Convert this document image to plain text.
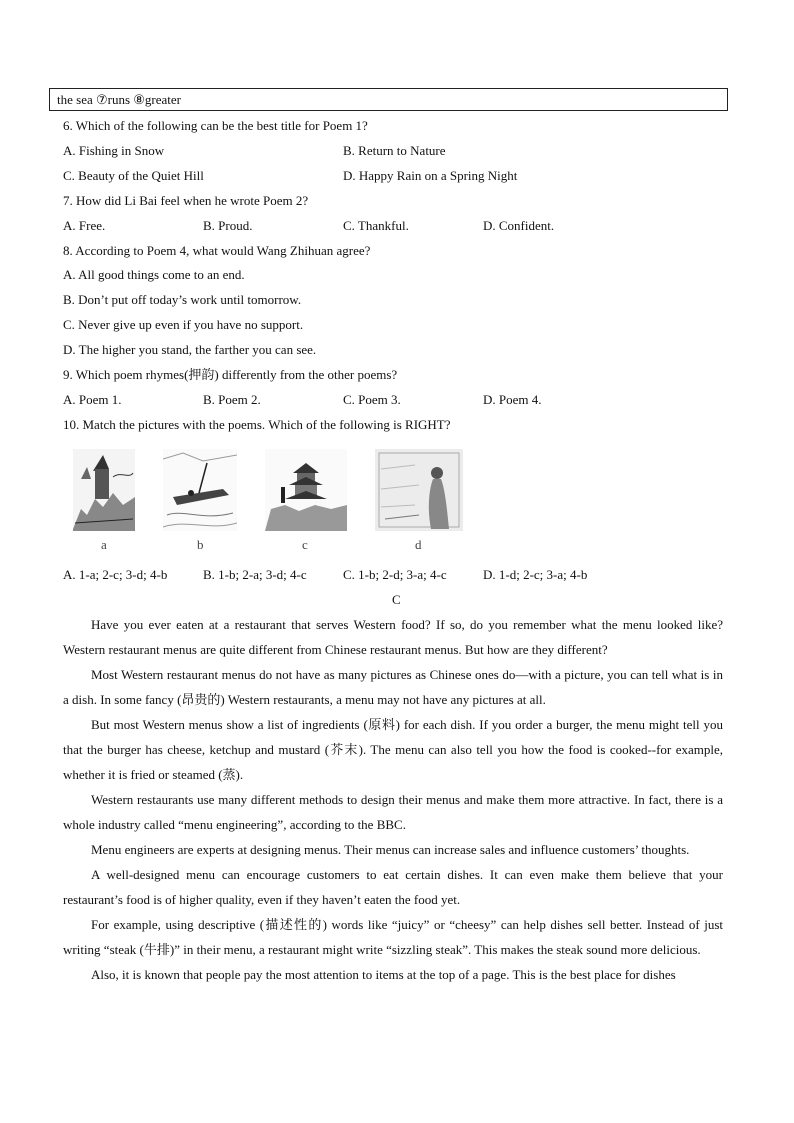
the sea ⑦runs ⑧greater
6. Which of the following can be the best title for Poem 1?
A. Fishing in Snow	B. Return to Nature
C. Beauty of the Quiet Hill	D. Happy Rain on a Spring Night
7. How did Li Bai feel when he wrote Poem 2?
A. Free.	B. Proud.	C. Thankful.	D. Confident.
8. According to Poem 4, what would Wang Zhihuan agree?
A. All good things come to an end.
B. Don’t put off today’s work until tomorrow.
C. Never give up even if you have no support.
D. The higher you stand, the farther you can see.
9. Which poem rhymes(押韵) differently from the other poems?
A. Poem 1.	B. Poem 2.	C. Poem 3.	D. Poem 4.
10. Match the pictures with the poems. Which of the following is RIGHT?
a	b	c	d
A. 1-a; 2-c; 3-d; 4-b	B. 1-b; 2-a; 3-d; 4-c	C. 1-b; 2-d; 3-a; 4-c	D. 1-d; 2-c; 3-a; 4-b
C

Have you ever eaten at a restaurant that serves Western food? If so, do you remember what the menu looked like? Western restaurant menus are quite different from Chinese restaurant menus. But how are they different?

Most Western restaurant menus do not have as many pictures as Chinese ones do—with a picture, you can tell what is in a dish. In some fancy (昂贵的) Western restaurants, a menu may not have any pictures at all.

But most Western menus show a list of ingredients (原料) for each dish. If you order a burger, the menu might tell you that the burger has cheese, ketchup and mustard (芥末). The menu can also tell you how the food is cooked--for example, whether it is fried or steamed (蒸).

Western restaurants use many different methods to design their menus and make them more attractive. In fact, there is a whole industry called “menu engineering”, according to the BBC.

Menu engineers are experts at designing menus. Their menus can increase sales and influence customers’ thoughts.

A well-designed menu can encourage customers to eat certain dishes. It can even make them believe that your restaurant’s food is of higher quality, even if they haven’t eaten the food yet.

For example, using descriptive (描述性的) words like “juicy” or “cheesy” can help dishes sell better. Instead of just writing “steak (牛排)” in their menu, a restaurant might write “sizzling steak”. This makes the steak sound more delicious.

Also, it is known that people pay the most attention to items at the top of a page. This is the best place for dishes
